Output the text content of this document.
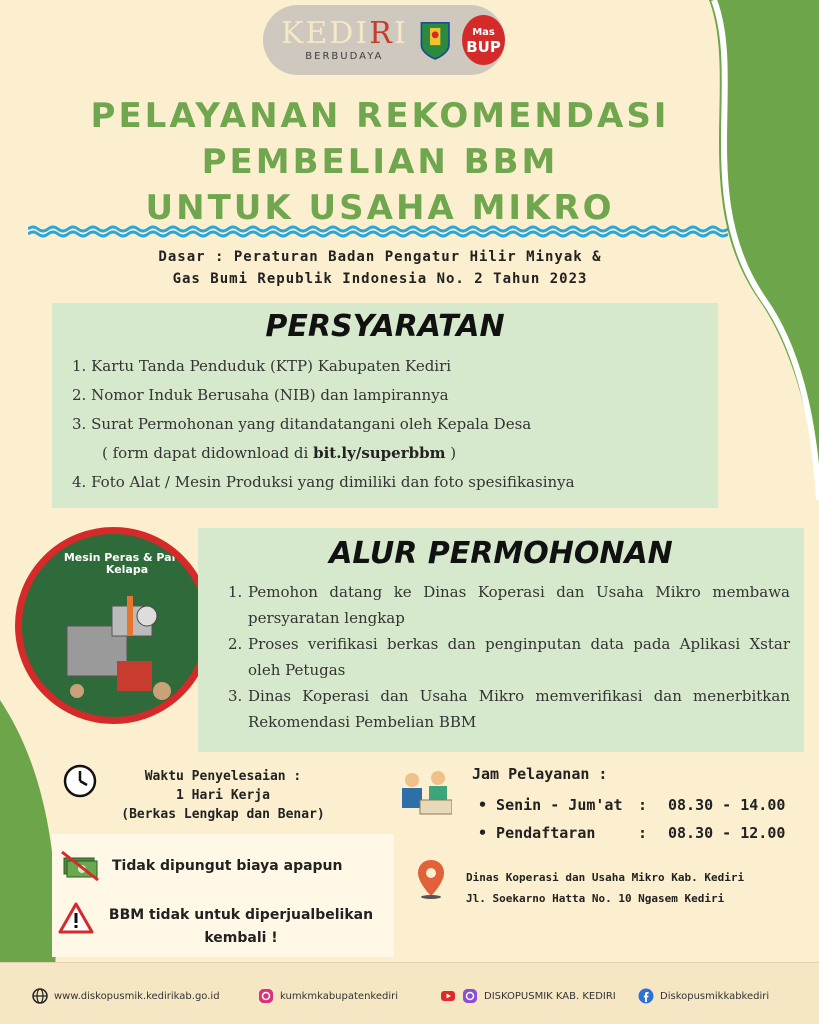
KEDIRI
BERBUDAYA
Mas
BUP
PELAYANAN REKOMENDASI
PEMBELIAN BBM
UNTUK USAHA MIKRO
Dasar : Peraturan Badan Pengatur Hilir Minyak &
Gas Bumi Republik Indonesia No. 2 Tahun 2023
PERSYARATAN
1. Kartu Tanda Penduduk (KTP) Kabupaten Kediri
2. Nomor Induk Berusaha (NIB) dan lampirannya
3. Surat Permohonan yang ditandatangani oleh Kepala Desa
( form dapat didownload di bit.ly/superbbm )
4. Foto Alat / Mesin Produksi yang dimiliki dan foto spesifikasinya
Mesin Peras & Parut Kelapa	ALUR PERMOHONAN
1. Pemohon datang ke Dinas Koperasi dan Usaha Mikro membawa persyaratan lengkap
2. Proses verifikasi berkas dan penginputan data pada Aplikasi Xstar oleh Petugas
3. Dinas Koperasi dan Usaha Mikro memverifikasi dan menerbitkan Rekomendasi Pembelian BBM
Waktu Penyelesaian :
1 Hari Kerja
(Berkas Lengkap dan Benar)
Jam Pelayanan :
• Senin - Jum'at	:	08.30 - 14.00
• Pendaftaran	:	08.30 - 12.00
Tidak dipungut biaya apapun
BBM tidak untuk diperjualbelikan
kembali !
Dinas Koperasi dan Usaha Mikro Kab. Kediri
Jl. Soekarno Hatta No. 10 Ngasem Kediri
www.diskopusmik.kedirikab.go.id	kumkmkabupatenkediri	DISKOPUSMIK KAB. KEDIRI	Diskopusmikkabkediri
